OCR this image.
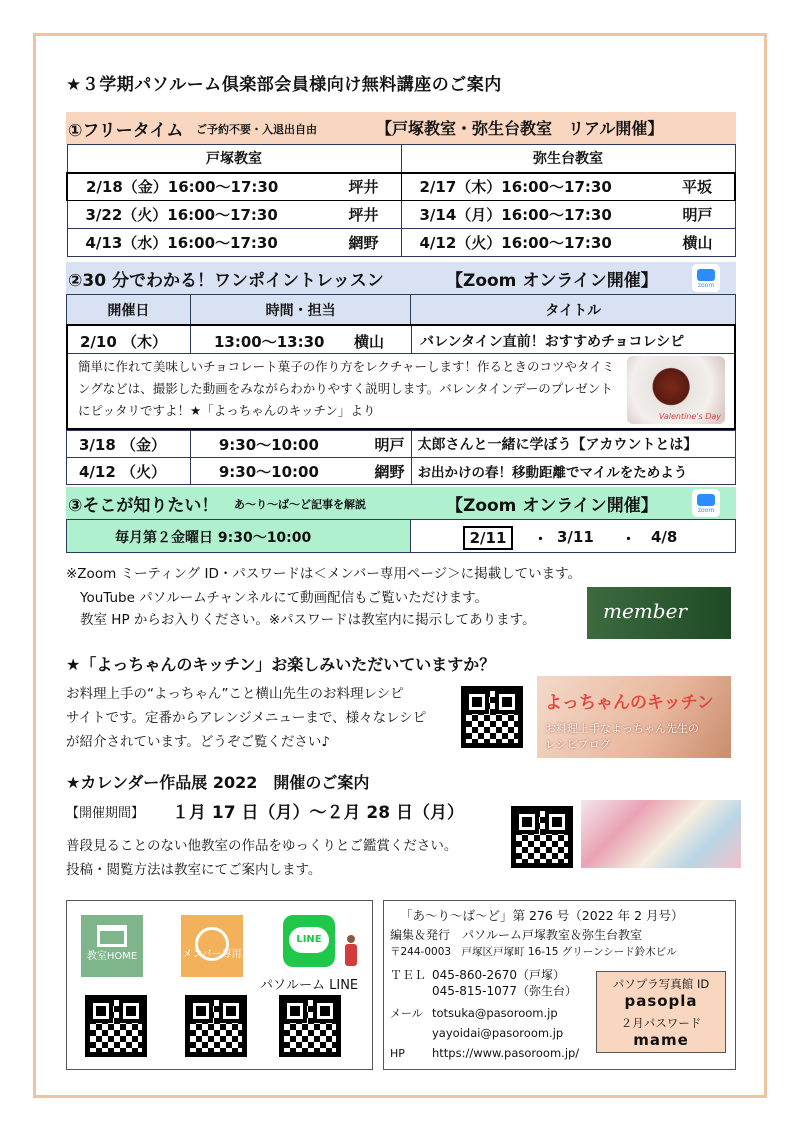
★３学期パソルーム倶楽部会員様向け無料講座のご案内
①フリータイム ご予約不要・入退出自由	【戸塚教室・弥生台教室　リアル開催】
戸塚教室	弥生台教室
2/18（金）16:00～17:30 坪井	2/17（木）16:00～17:30 平坂

3/22（火）16:00～17:30 坪井	3/14（月）16:00～17:30 明戸

4/13（水）16:00～17:30 網野	4/12（火）16:00～17:30 横山
②30 分でわかる！ワンポイントレッスン	【Zoom オンライン開催】	zoom
開催日	時間・担当	タイトル
2/10 （木）	13:00～13:30 横山	バレンタイン直前！おすすめチョコレシピ
簡単に作れて美味しいチョコレート菓子の作り方をレクチャーします！作るときのコツやタイミングなどは、撮影した動画をみながらわかりやすく説明します。バレンタインデーのプレゼントにピッタリですよ！★「よっちゃんのキッチン」より	Valentine's Day
3/18 （金）	9:30～10:00 明戸	太郎さんと一緒に学ぼう【アカウントとは】
4/12 （火）	9:30～10:00 網野	お出かけの春！移動距離でマイルをためよう
③そこが知りたい！ あ～り～ば～ど記事を解説	【Zoom オンライン開催】	zoom
毎月第２金曜日 9:30～10:00	2/11	・ 3/11 ・ 4/8
※Zoom ミーティング ID・パスワードは＜メンバー専用ページ＞に掲載しています。
YouTube パソルームチャンネルにて動画配信もご覧いただけます。
教室 HP からお入りください。※パスワードは教室内に掲示してあります。	member
★「よっちゃんのキッチン」お楽しみいただいていますか？
お料理上手の“よっちゃん”こと横山先生のお料理レシピ
サイトです。定番からアレンジメニューまで、様々なレシピ
が紹介されています。どうぞご覧ください♪
よっちゃんのキッチン
お料理上手なよっちゃん先生の
レシピブログ
★カレンダー作品展 2022　開催のご案内
【開催期間】 １月 17 日（月）～２月 28 日（月）
普段見ることのない他教室の作品をゆっくりとご鑑賞ください。
投稿・閲覧方法は教室にてご案内します。
教室HOME	メンバー専用
LINE
パソルーム LINE
「あ～り～ば～ど」第 276 号（2022 年 2 月号）
編集＆発行　パソルーム戸塚教室＆弥生台教室
〒244-0003　戸塚区戸塚町 16-15 グリーンシード鈴木ビル
ＴＥＬ 045-860-2670（戸塚）
045-815-1077（弥生台）
メール totsuka@pasoroom.jp
yayoidai@pasoroom.jp
HP https://www.pasoroom.jp/
パソプラ写真館 ID
pasopla
２月パスワード
mame
